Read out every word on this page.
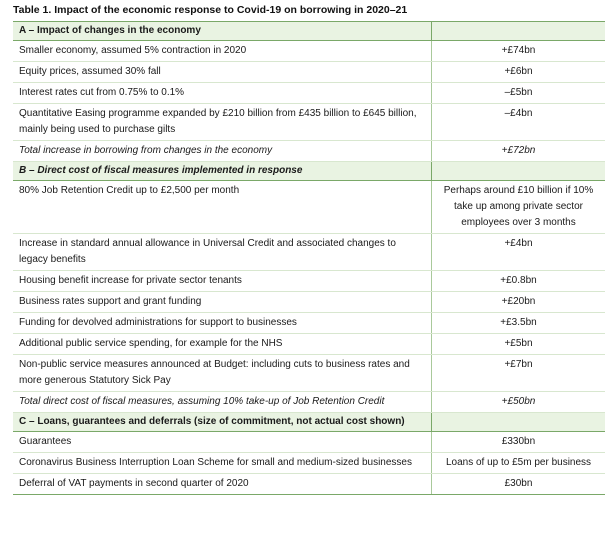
Table 1. Impact of the economic response to Covid-19 on borrowing in 2020–21
A – Impact of changes in the economy	
Smaller economy, assumed 5% contraction in 2020	+£74bn
Equity prices, assumed 30% fall	+£6bn
Interest rates cut from 0.75% to 0.1%	–£5bn
Quantitative Easing programme expanded by £210 billion from £435 billion to £645 billion, mainly being used to purchase gilts	–£4bn
Total increase in borrowing from changes in the economy	+£72bn
B – Direct cost of fiscal measures implemented in response	
80% Job Retention Credit up to £2,500 per month	Perhaps around £10 billion if 10% take up among private sector employees over 3 months
Increase in standard annual allowance in Universal Credit and associated changes to legacy benefits	+£4bn
Housing benefit increase for private sector tenants	+£0.8bn
Business rates support and grant funding	+£20bn
Funding for devolved administrations for support to businesses	+£3.5bn
Additional public service spending, for example for the NHS	+£5bn
Non-public service measures announced at Budget: including cuts to business rates and more generous Statutory Sick Pay	+£7bn
Total direct cost of fiscal measures, assuming 10% take-up of Job Retention Credit	+£50bn
C – Loans, guarantees and deferrals (size of commitment, not actual cost shown)	
Guarantees	£330bn
Coronavirus Business Interruption Loan Scheme for small and medium-sized businesses	Loans of up to £5m per business
Deferral of VAT payments in second quarter of 2020	£30bn
